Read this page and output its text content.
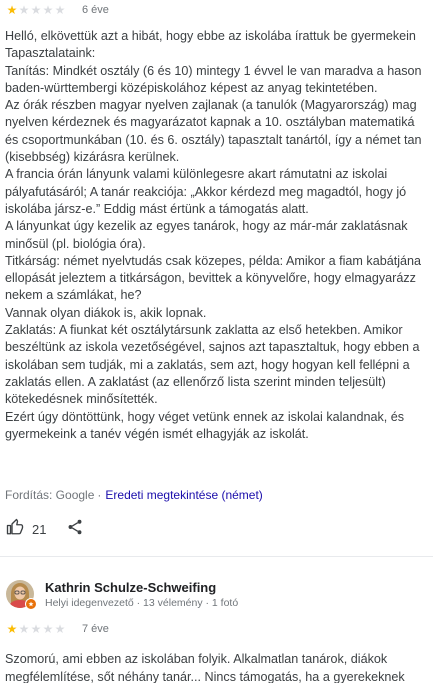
★ ★ ★ ★ ★ 6 éve

Helló, elkövettük azt a hibát, hogy ebbe az iskolába írattuk be gyermekein

Tapasztalataink:

Tanítás: Mindkét osztály (6 és 10) mintegy 1 évvel le van maradva a hason

baden-württembergi középiskolához képest az anyag tekintetében.

Az órák részben magyar nyelven zajlanak (a tanulók (Magyarország) mag

nyelven kérdeznek és magyarázatot kapnak a 10. osztályban matematiká

és csoportmunkában (10. és 6. osztály) tapasztalt tanártól, így a német tan

(kisebbség) kizárásra kerülnek.

A francia órán lányunk valami különlegesre akart rámutatni az iskolai

pályafutásáról; A tanár reakciója: „Akkor kérdezd meg magadtól, hogy jó

iskolába jársz-e.” Eddig mást értünk a támogatás alatt.

A lányunkat úgy kezelik az egyes tanárok, hogy az már-már zaklatásnak

minősül (pl. biológia óra).

Titkárság: német nyelvtudás csak közepes, példa: Amikor a fiam kabátjána

ellopását jeleztem a titkárságon, bevittek a könyvelőre, hogy elmagyarázz

nekem a számlákat, he?

Vannak olyan diákok is, akik lopnak.

Zaklatás: A fiunkat két osztálytársunk zaklatta az első hetekben. Amikor

beszéltünk az iskola vezetőségével, sajnos azt tapasztaltuk, hogy ebben a

iskolában sem tudják, mi a zaklatás, sem azt, hogy hogyan kell fellépni a

zaklatás ellen. A zaklatást (az ellenőrző lista szerint minden teljesült)

kötekedésnek minősítették.

Ezért úgy döntöttünk, hogy véget vetünk ennek az iskolai kalandnak, és

gyermekeink a tanév végén ismét elhagyják az iskolát.

Fordítás: Google · Eredeti megtekintése (német)
21
Kathrin Schulze-Schweifing
Helyi idegenvezető · 13 vélemény · 1 fotó
★ ★ ★ ★ ★ 7 éve

Szomorú, ami ebben az iskolában folyik. Alkalmatlan tanárok, diákok

megfélemlítése, sőt néhány tanár... Nincs támogatás, ha a gyerekeknek
